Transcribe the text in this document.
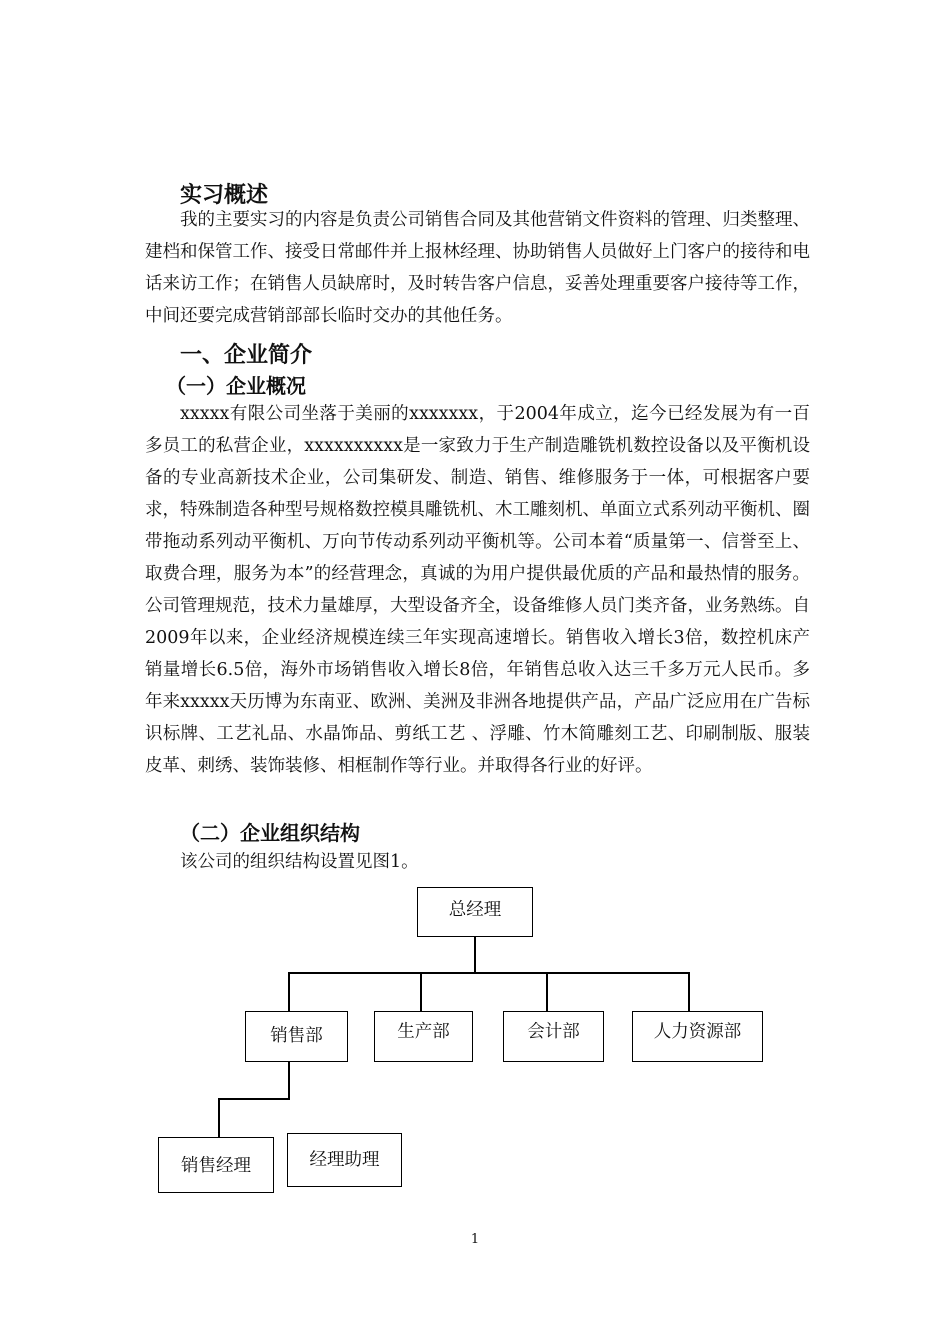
实习概述

我的主要实习的内容是负责公司销售合同及其他营销文件资料的管理、归类整理、建档和保管工作、接受日常邮件并上报林经理、协助销售人员做好上门客户的接待和电话来访工作；在销售人员缺席时，及时转告客户信息，妥善处理重要客户接待等工作，中间还要完成营销部部长临时交办的其他任务。

一、企业简介
（一）企业概况

xxxxx有限公司坐落于美丽的xxxxxxx，于2004年成立，迄今已经发展为有一百多员工的私营企业，xxxxxxxxxx是一家致力于生产制造雕铣机数控设备以及平衡机设备的专业高新技术企业，公司集研发、制造、销售、维修服务于一体，可根据客户要求，特殊制造各种型号规格数控模具雕铣机、木工雕刻机、单面立式系列动平衡机、圈带拖动系列动平衡机、万向节传动系列动平衡机等。公司本着“质量第一、信誉至上、取费合理，服务为本”的经营理念，真诚的为用户提供最优质的产品和最热情的服务。公司管理规范，技术力量雄厚，大型设备齐全，设备维修人员门类齐备，业务熟练。自2009年以来，企业经济规模连续三年实现高速增长。销售收入增长3倍，数控机床产销量增长6.5倍，海外市场销售收入增长8倍，年销售总收入达三千多万元人民币。多年来xxxxx天历博为东南亚、欧洲、美洲及非洲各地提供产品，产品广泛应用在广告标识标牌、工艺礼品、水晶饰品、剪纸工艺 、浮雕、竹木简雕刻工艺、印刷制版、服装皮革、刺绣、装饰装修、相框制作等行业。并取得各行业的好评。

（二）企业组织结构
该公司的组织结构设置见图1。
总经理
销售部	生产部	会计部	人力资源部
销售经理	经理助理
1
